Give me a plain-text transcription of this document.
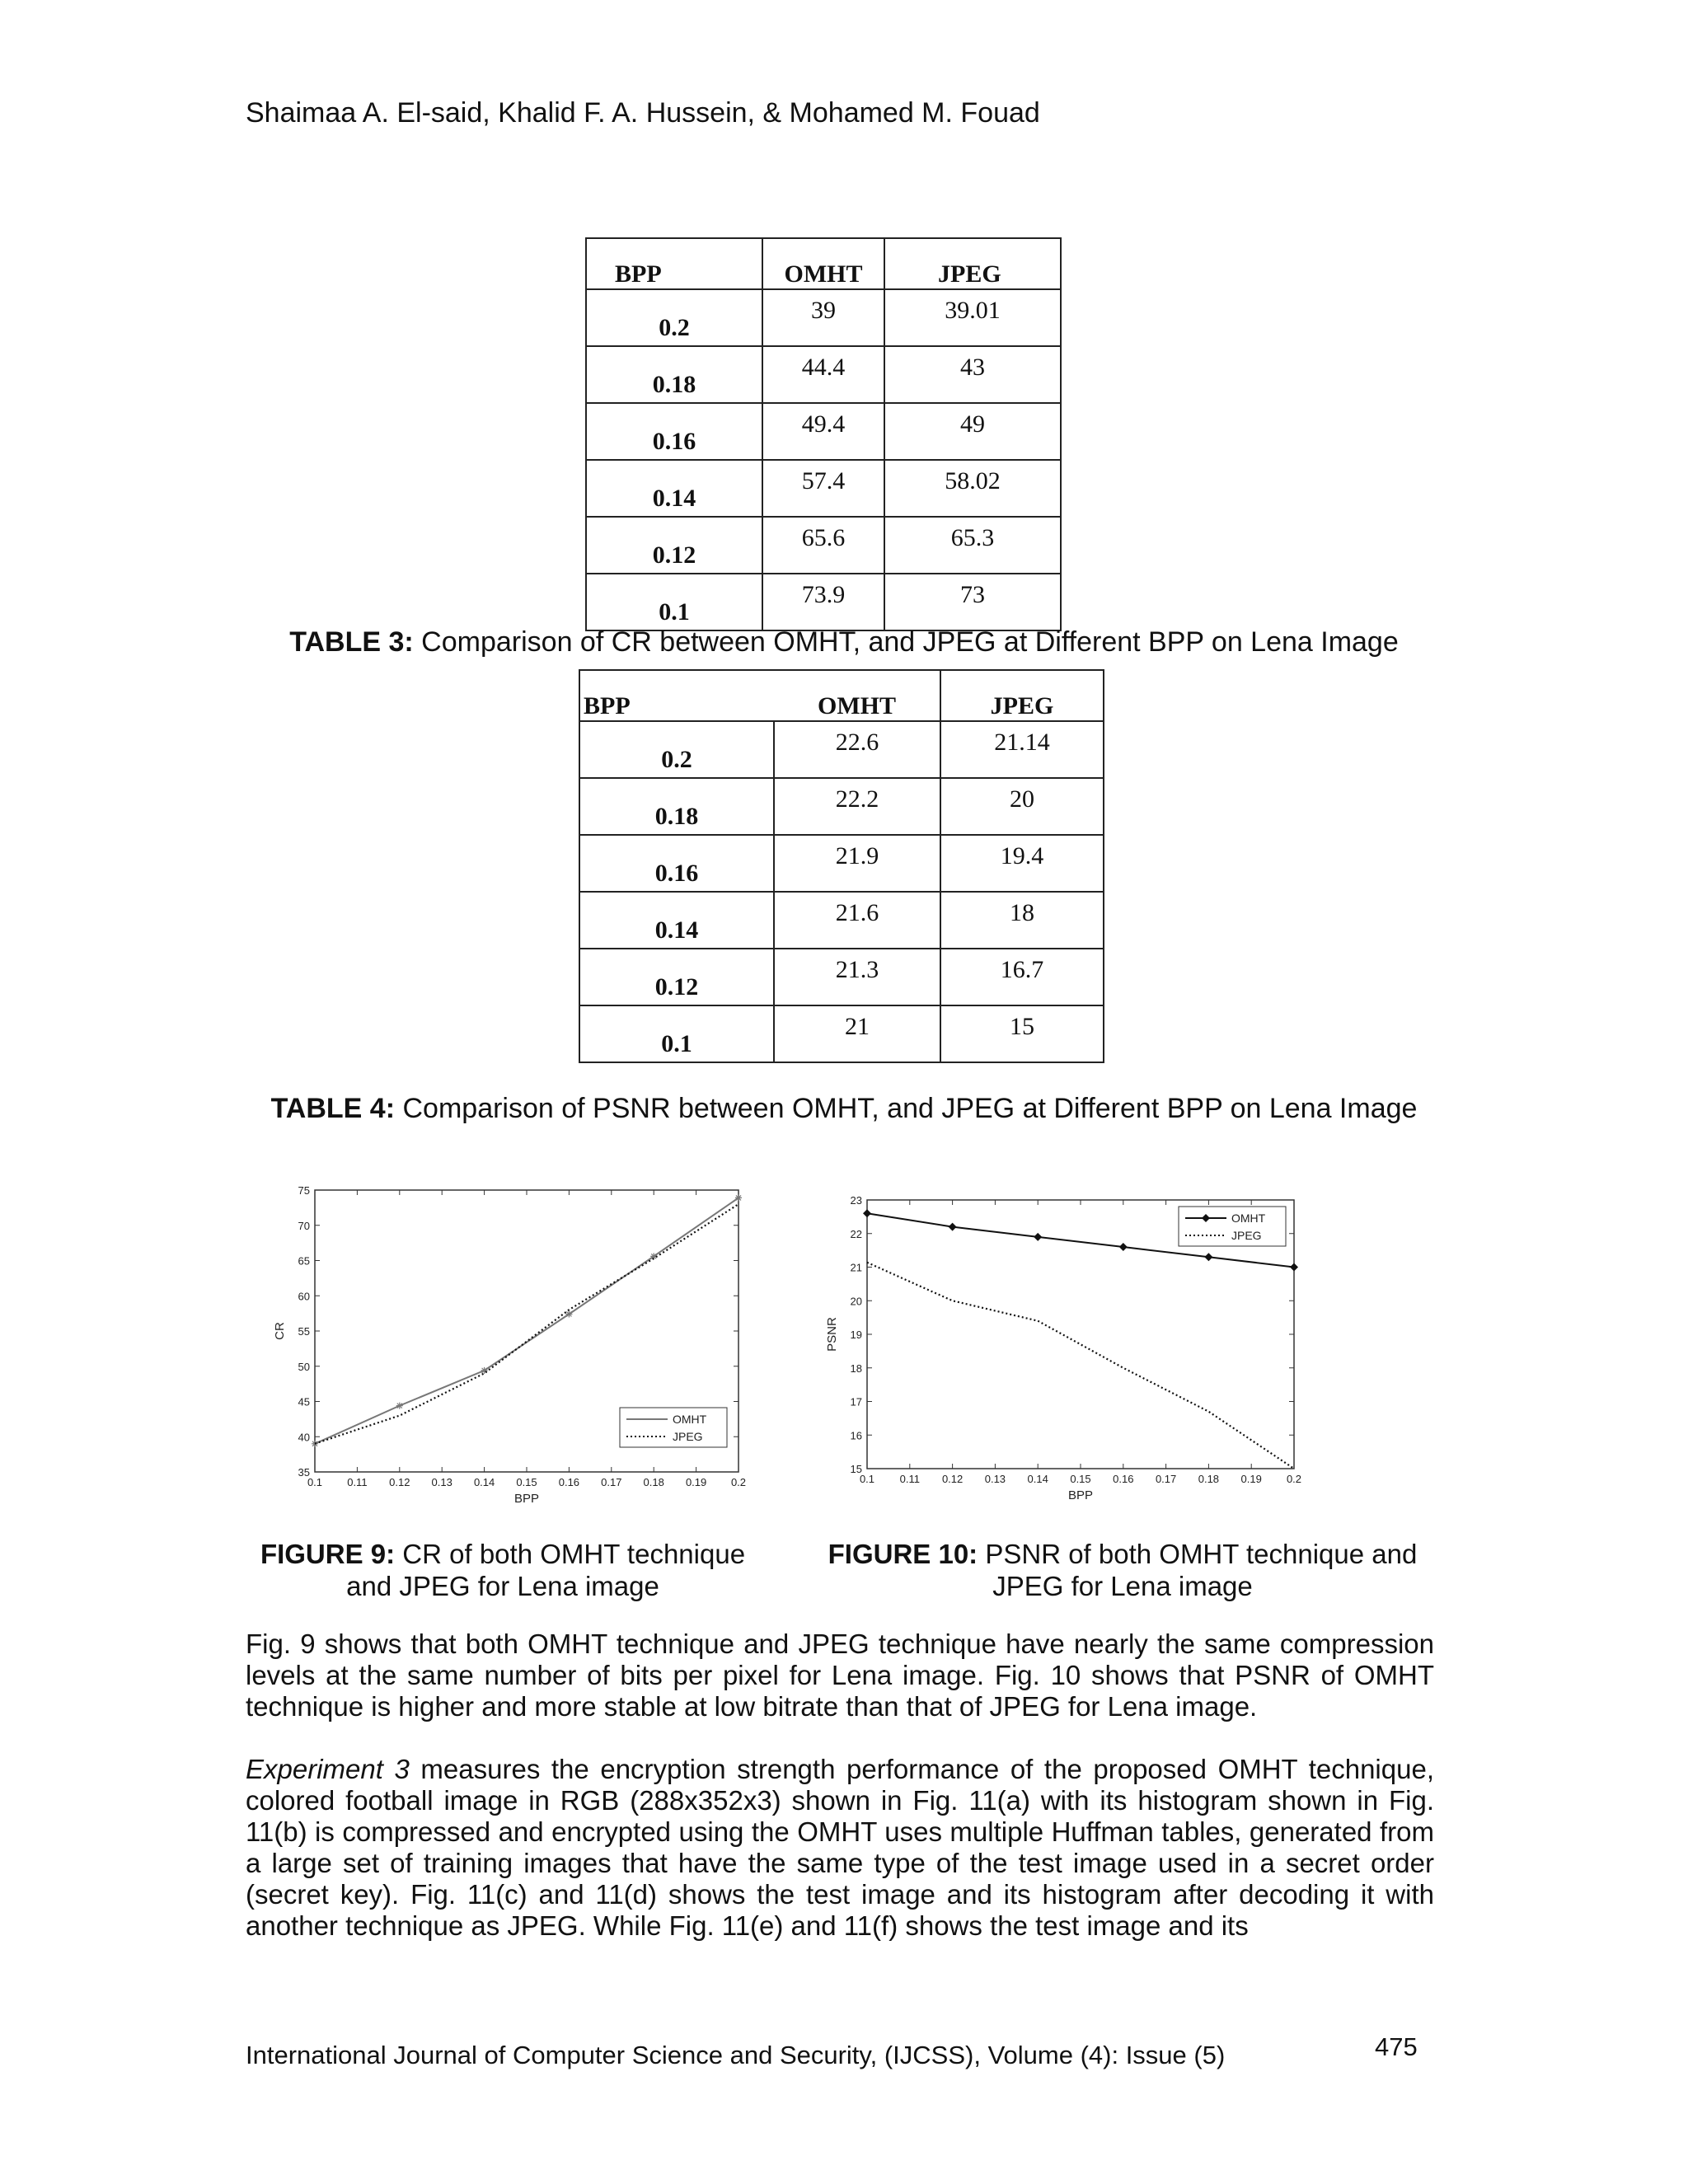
Shaimaa A. El-said, Khalid F. A. Hussein, & Mohamed M. Fouad
BPP	OMHT	JPEG
0.2	39	39.01
0.18	44.4	43
0.16	49.4	49
0.14	57.4	58.02
0.12	65.6	65.3
0.1	73.9	73
TABLE 3: Comparison of CR between OMHT, and JPEG at Different BPP on Lena Image
BPP	OMHT	JPEG
0.2	22.6	21.14
0.18	22.2	20
0.16	21.9	19.4
0.14	21.6	18
0.12	21.3	16.7
0.1	21	15
TABLE 4: Comparison of PSNR between OMHT, and JPEG at Different BPP on Lena Image
0.1 0.11 0.12 0.13 0.14 0.15 0.16 0.17 0.18 0.19 0.2
35
40
45
50
55
60
65
70
75
BPP
CR
OMHT
JPEG
0.1 0.11 0.12 0.13 0.14 0.15 0.16 0.17 0.18 0.19 0.2
15
16
17
18
19
20
21
22
23
BPP
PSNR
OMHT
JPEG
FIGURE 9: CR of both OMHT technique
and JPEG for Lena image
FIGURE 10: PSNR of both OMHT technique and
JPEG for Lena image

Fig. 9 shows that both OMHT technique and JPEG technique have nearly the same compression levels at the same number of bits per pixel for Lena image. Fig. 10 shows that PSNR of OMHT technique is higher and more stable at low bitrate than that of JPEG for Lena image.

Experiment 3 measures the encryption strength performance of the proposed OMHT technique, colored football image in RGB (288x352x3) shown in Fig. 11(a) with its histogram shown in Fig. 11(b) is compressed and encrypted using the OMHT uses multiple Huffman tables, generated from a large set of training images that have the same type of the test image used in a secret order (secret key). Fig. 11(c) and 11(d) shows the test image and its histogram after decoding it with another technique as JPEG. While Fig. 11(e) and 11(f) shows the test image and its

International Journal of Computer Science and Security, (IJCSS), Volume (4): Issue (5)	475
